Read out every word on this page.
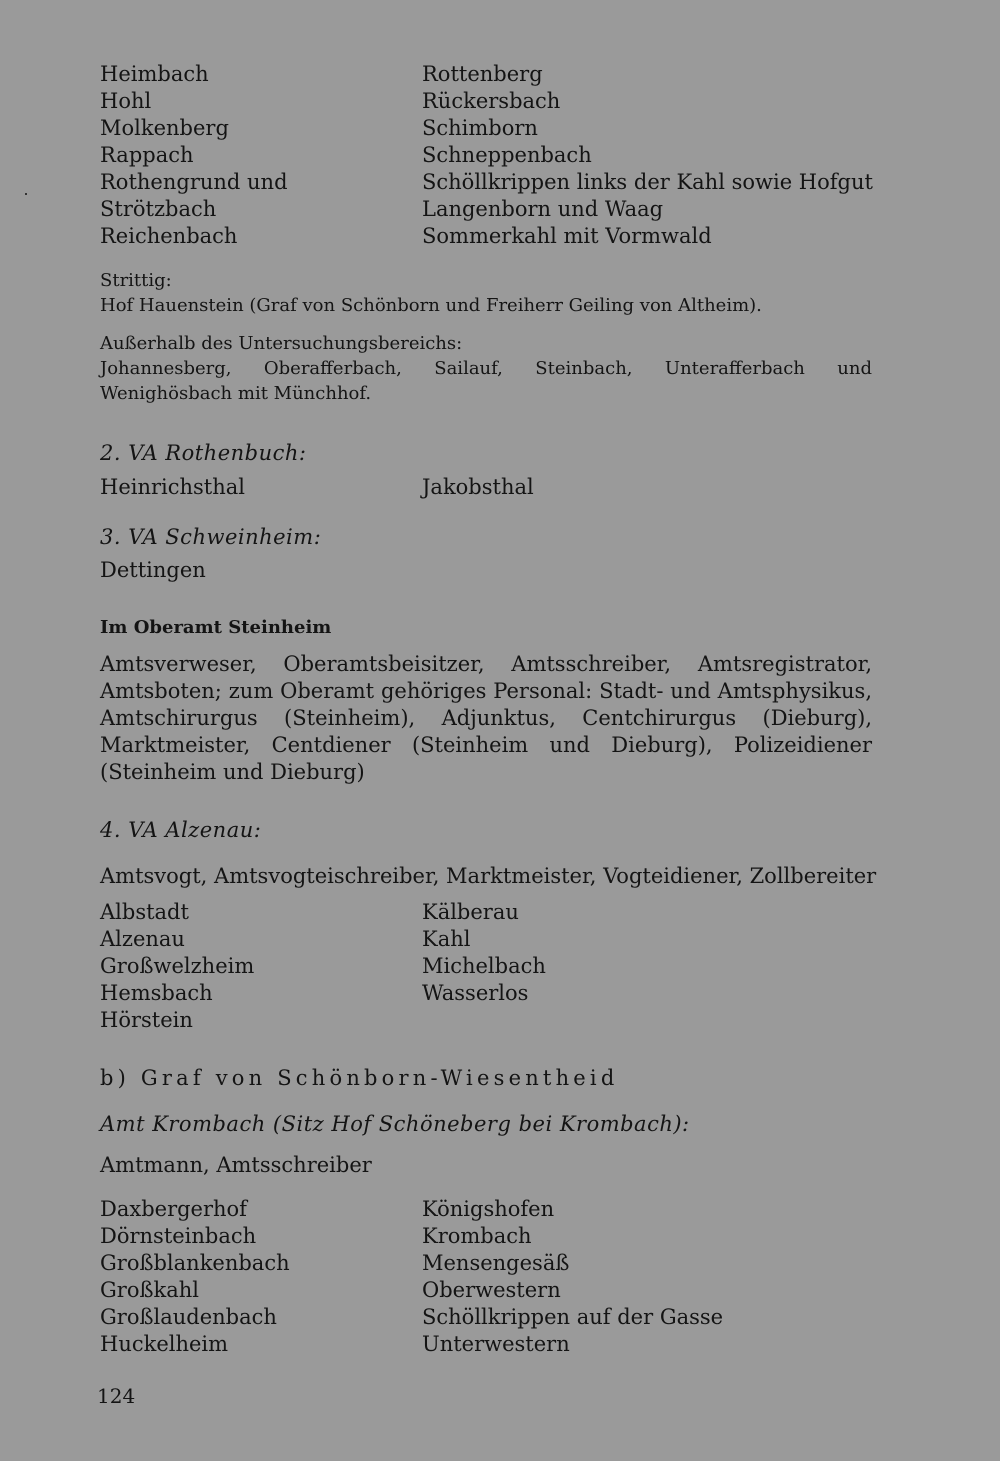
Heimbach
Hohl
Molkenberg
Rappach
Rothengrund und
Strötzbach
Reichenbach
Rottenberg
Rückersbach
Schimborn
Schneppenbach
Schöllkrippen links der Kahl sowie Hofgut
Langenborn und Waag
Sommerkahl mit Vormwald
Strittig:
Hof Hauenstein (Graf von Schönborn und Freiherr Geiling von Altheim).
Außerhalb des Untersuchungsbereichs:
Johannesberg, Oberafferbach, Sailauf, Steinbach, Unterafferbach und Wenighösbach mit Münchhof.
2. VA Rothenbuch:
Heinrichsthal	Jakobsthal
3. VA Schweinheim:
Dettingen
Im Oberamt Steinheim
Amtsverweser, Oberamtsbeisitzer, Amtsschreiber, Amtsregistrator, Amtsboten; zum Oberamt gehöriges Personal: Stadt- und Amtsphysikus, Amtschirurgus (Steinheim), Adjunktus, Centchirurgus (Dieburg), Marktmeister, Centdiener (Steinheim und Dieburg), Polizeidiener (Steinheim und Dieburg)
4. VA Alzenau:
Amtsvogt, Amtsvogteischreiber, Marktmeister, Vogteidiener, Zollbereiter
Albstadt
Alzenau
Großwelzheim
Hemsbach
Hörstein
Kälberau
Kahl
Michelbach
Wasserlos
b) Graf von Schönborn-Wiesentheid
Amt Krombach (Sitz Hof Schöneberg bei Krombach):
Amtmann, Amtsschreiber
Daxbergerhof
Dörnsteinbach
Großblankenbach
Großkahl
Großlaudenbach
Huckelheim
Königshofen
Krombach
Mensengesäß
Oberwestern
Schöllkrippen auf der Gasse
Unterwestern
124
